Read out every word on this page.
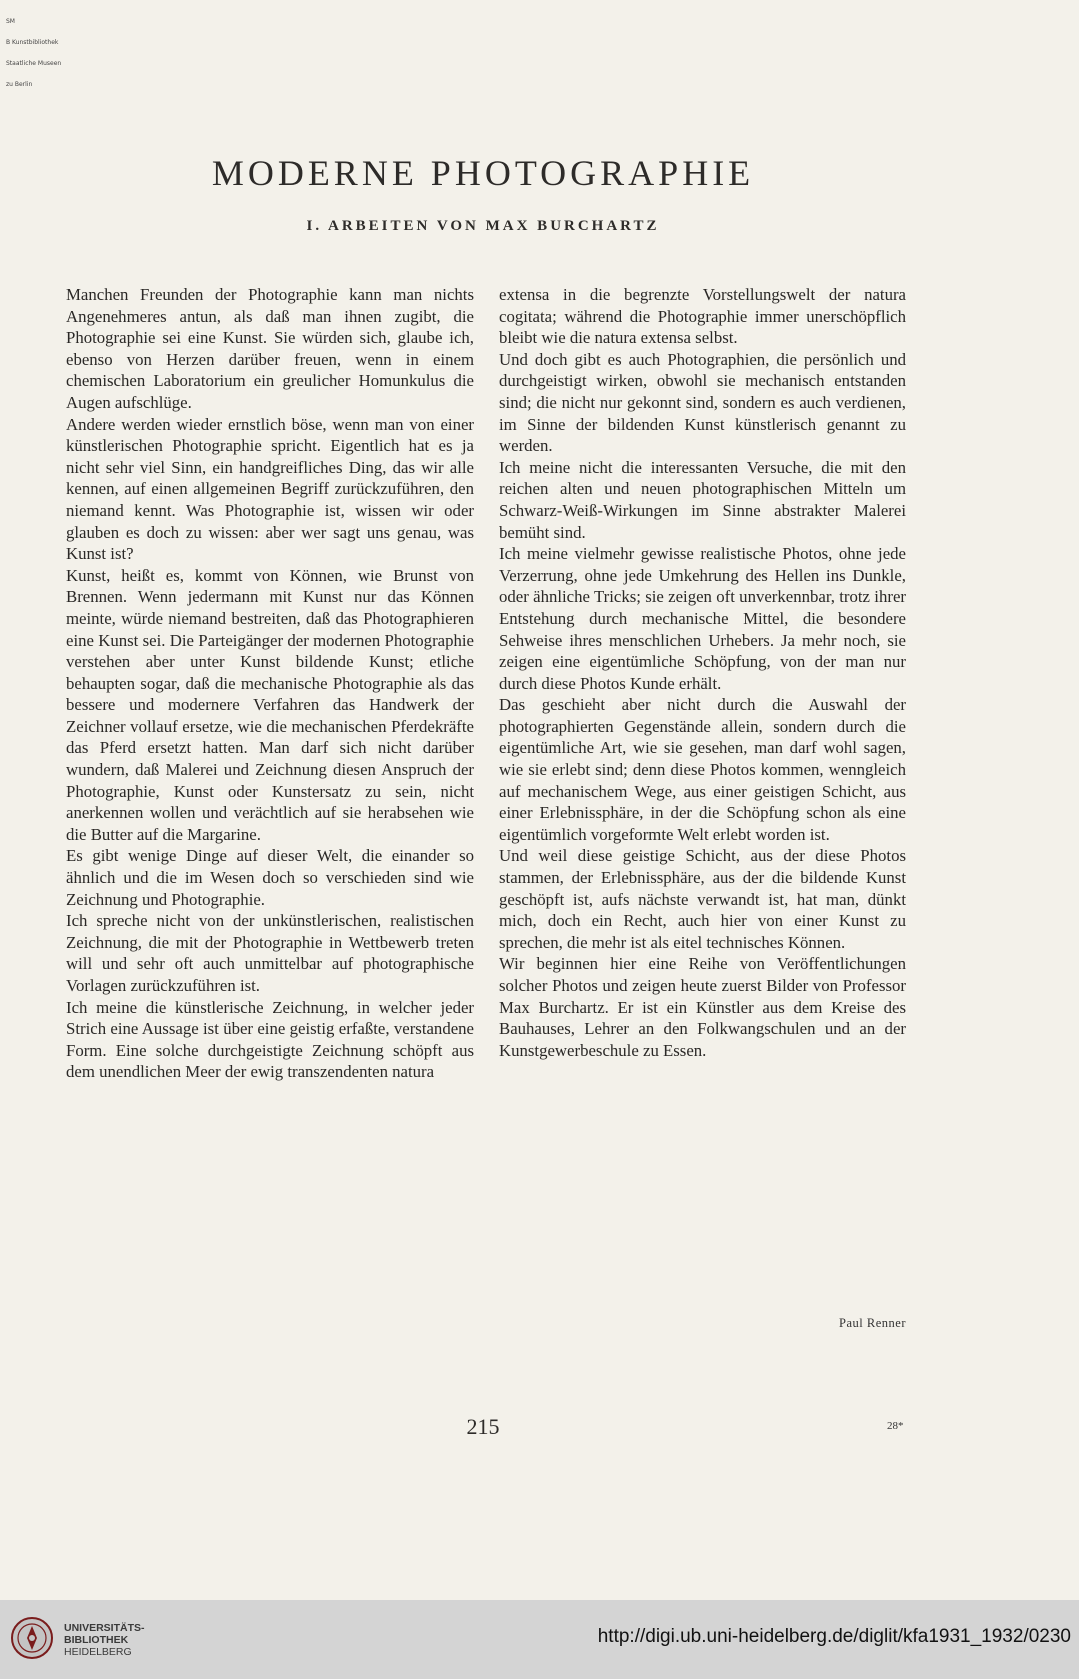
SM

B Kunstbibliothek

Staatliche Museen

zu Berlin

MODERNE PHOTOGRAPHIE
I. ARBEITEN VON MAX BURCHARTZ

Manchen Freunden der Photographie kann man nichts Angenehmeres antun, als daß man ihnen zugibt, die Photographie sei eine Kunst. Sie würden sich, glaube ich, ebenso von Herzen darüber freuen, wenn in einem chemischen Laboratorium ein greulicher Homunkulus die Augen aufschlüge.

Andere werden wieder ernstlich böse, wenn man von einer künstlerischen Photographie spricht. Eigentlich hat es ja nicht sehr viel Sinn, ein handgreifliches Ding, das wir alle kennen, auf einen allgemeinen Begriff zurückzuführen, den niemand kennt. Was Photographie ist, wissen wir oder glauben es doch zu wissen: aber wer sagt uns genau, was Kunst ist?

Kunst, heißt es, kommt von Können, wie Brunst von Brennen. Wenn jedermann mit Kunst nur das Können meinte, würde niemand bestreiten, daß das Photographieren eine Kunst sei. Die Parteigänger der modernen Photographie verstehen aber unter Kunst bildende Kunst; etliche behaupten sogar, daß die mechanische Photographie als das bessere und modernere Verfahren das Handwerk der Zeichner vollauf ersetze, wie die mechanischen Pferdekräfte das Pferd ersetzt hatten. Man darf sich nicht darüber wundern, daß Malerei und Zeichnung diesen Anspruch der Photographie, Kunst oder Kunstersatz zu sein, nicht anerkennen wollen und verächtlich auf sie herabsehen wie die Butter auf die Margarine.

Es gibt wenige Dinge auf dieser Welt, die einander so ähnlich und die im Wesen doch so verschieden sind wie Zeichnung und Photographie.

Ich spreche nicht von der unkünstlerischen, realistischen Zeichnung, die mit der Photographie in Wettbewerb treten will und sehr oft auch unmittelbar auf photographische Vorlagen zurückzuführen ist.

Ich meine die künstlerische Zeichnung, in welcher jeder Strich eine Aussage ist über eine geistig erfaßte, verstandene Form. Eine solche durchgeistigte Zeichnung schöpft aus dem unendlichen Meer der ewig transzendenten natura

extensa in die begrenzte Vorstellungswelt der natura cogitata; während die Photographie immer unerschöpflich bleibt wie die natura extensa selbst.

Und doch gibt es auch Photographien, die persönlich und durchgeistigt wirken, obwohl sie mechanisch entstanden sind; die nicht nur gekonnt sind, sondern es auch verdienen, im Sinne der bildenden Kunst künstlerisch genannt zu werden.

Ich meine nicht die interessanten Versuche, die mit den reichen alten und neuen photographischen Mitteln um Schwarz-Weiß-Wirkungen im Sinne abstrakter Malerei bemüht sind.

Ich meine vielmehr gewisse realistische Photos, ohne jede Verzerrung, ohne jede Umkehrung des Hellen ins Dunkle, oder ähnliche Tricks; sie zeigen oft unverkennbar, trotz ihrer Entstehung durch mechanische Mittel, die besondere Sehweise ihres menschlichen Urhebers. Ja mehr noch, sie zeigen eine eigentümliche Schöpfung, von der man nur durch diese Photos Kunde erhält.

Das geschieht aber nicht durch die Auswahl der photographierten Gegenstände allein, sondern durch die eigentümliche Art, wie sie gesehen, man darf wohl sagen, wie sie erlebt sind; denn diese Photos kommen, wenngleich auf mechanischem Wege, aus einer geistigen Schicht, aus einer Erlebnissphäre, in der die Schöpfung schon als eine eigentümlich vorgeformte Welt erlebt worden ist.

Und weil diese geistige Schicht, aus der diese Photos stammen, der Erlebnissphäre, aus der die bildende Kunst geschöpft ist, aufs nächste verwandt ist, hat man, dünkt mich, doch ein Recht, auch hier von einer Kunst zu sprechen, die mehr ist als eitel technisches Können.

Wir beginnen hier eine Reihe von Veröffentlichungen solcher Photos und zeigen heute zuerst Bilder von Professor Max Burchartz. Er ist ein Künstler aus dem Kreise des Bauhauses, Lehrer an den Folkwangschulen und an der Kunstgewerbeschule zu Essen.

Paul Renner
215	28*
UNIVERSITÄTS-
BIBLIOTHEK
HEIDELBERG
http://digi.ub.uni-heidelberg.de/diglit/kfa1931_1932/0230
